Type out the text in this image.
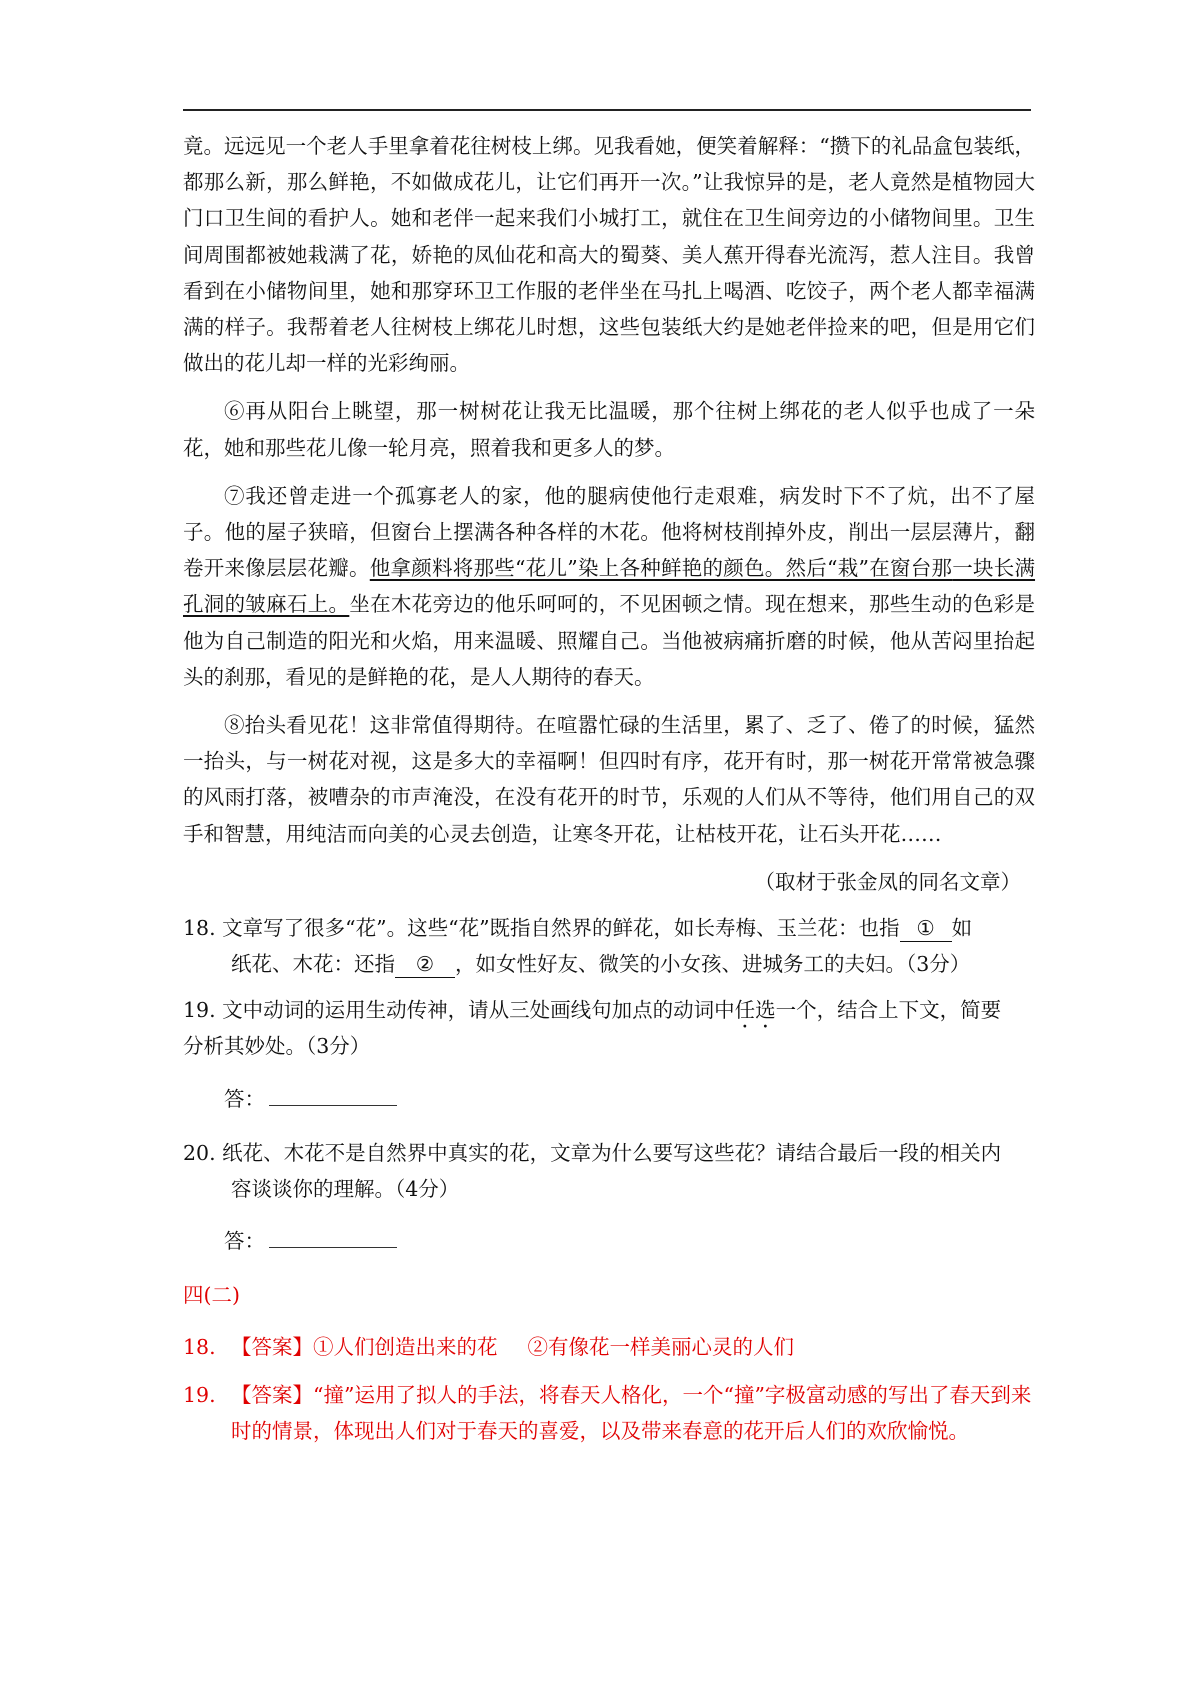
竟。远远见一个老人手里拿着花往树枝上绑。见我看她，便笑着解释：“攒下的礼品盒包装纸，都那么新，那么鲜艳，不如做成花儿，让它们再开一次。”让我惊异的是，老人竟然是植物园大门口卫生间的看护人。她和老伴一起来我们小城打工，就住在卫生间旁边的小储物间里。卫生间周围都被她栽满了花，娇艳的凤仙花和高大的蜀葵、美人蕉开得春光流泻，惹人注目。我曾看到在小储物间里，她和那穿环卫工作服的老伴坐在马扎上喝酒、吃饺子，两个老人都幸福满满的样子。我帮着老人往树枝上绑花儿时想，这些包装纸大约是她老伴捡来的吧，但是用它们做出的花儿却一样的光彩绚丽。

⑥再从阳台上眺望，那一树树花让我无比温暖，那个往树上绑花的老人似乎也成了一朵花，她和那些花儿像一轮月亮，照着我和更多人的梦。

⑦我还曾走进一个孤寡老人的家，他的腿病使他行走艰难，病发时下不了炕，出不了屋子。他的屋子狭暗，但窗台上摆满各种各样的木花。他将树枝削掉外皮，削出一层层薄片，翻卷开来像层层花瓣。他拿颜料将那些“花儿”染上各种鲜艳的颜色。然后“栽”在窗台那一块长满孔洞的皱麻石上。坐在木花旁边的他乐呵呵的，不见困顿之情。现在想来，那些生动的色彩是他为自己制造的阳光和火焰，用来温暖、照耀自己。当他被病痛折磨的时候，他从苦闷里抬起头的刹那，看见的是鲜艳的花，是人人期待的春天。

⑧抬头看见花！这非常值得期待。在喧嚣忙碌的生活里，累了、乏了、倦了的时候，猛然一抬头，与一树花对视，这是多大的幸福啊！但四时有序，花开有时，那一树花开常常被急骤的风雨打落，被嘈杂的市声淹没，在没有花开的时节，乐观的人们从不等待，他们用自己的双手和智慧，用纯洁而向美的心灵去创造，让寒冬开花，让枯枝开花，让石头开花……

（取材于张金凤的同名文章）
18. 文章写了很多“花”。这些“花”既指自然界的鲜花，如长寿梅、玉兰花：也指 ① 如
纸花、木花：还指 ② ，如女性好友、微笑的小女孩、进城务工的夫妇。（3分）
19. 文中动词的运用生动传神，请从三处画线句加点的动词中任选一个，结合上下文，简要
分析其妙处。（3分）
答：
20. 纸花、木花不是自然界中真实的花，文章为什么要写这些花？请结合最后一段的相关内
容谈谈你的理解。（4分）
答：
四(二)
18. 【答案】①人们创造出来的花 ②有像花一样美丽心灵的人们
19. 【答案】“撞”运用了拟人的手法，将春天人格化，一个“撞”字极富动感的写出了春天到来时的情景，体现出人们对于春天的喜爱，以及带来春意的花开后人们的欢欣愉悦。
